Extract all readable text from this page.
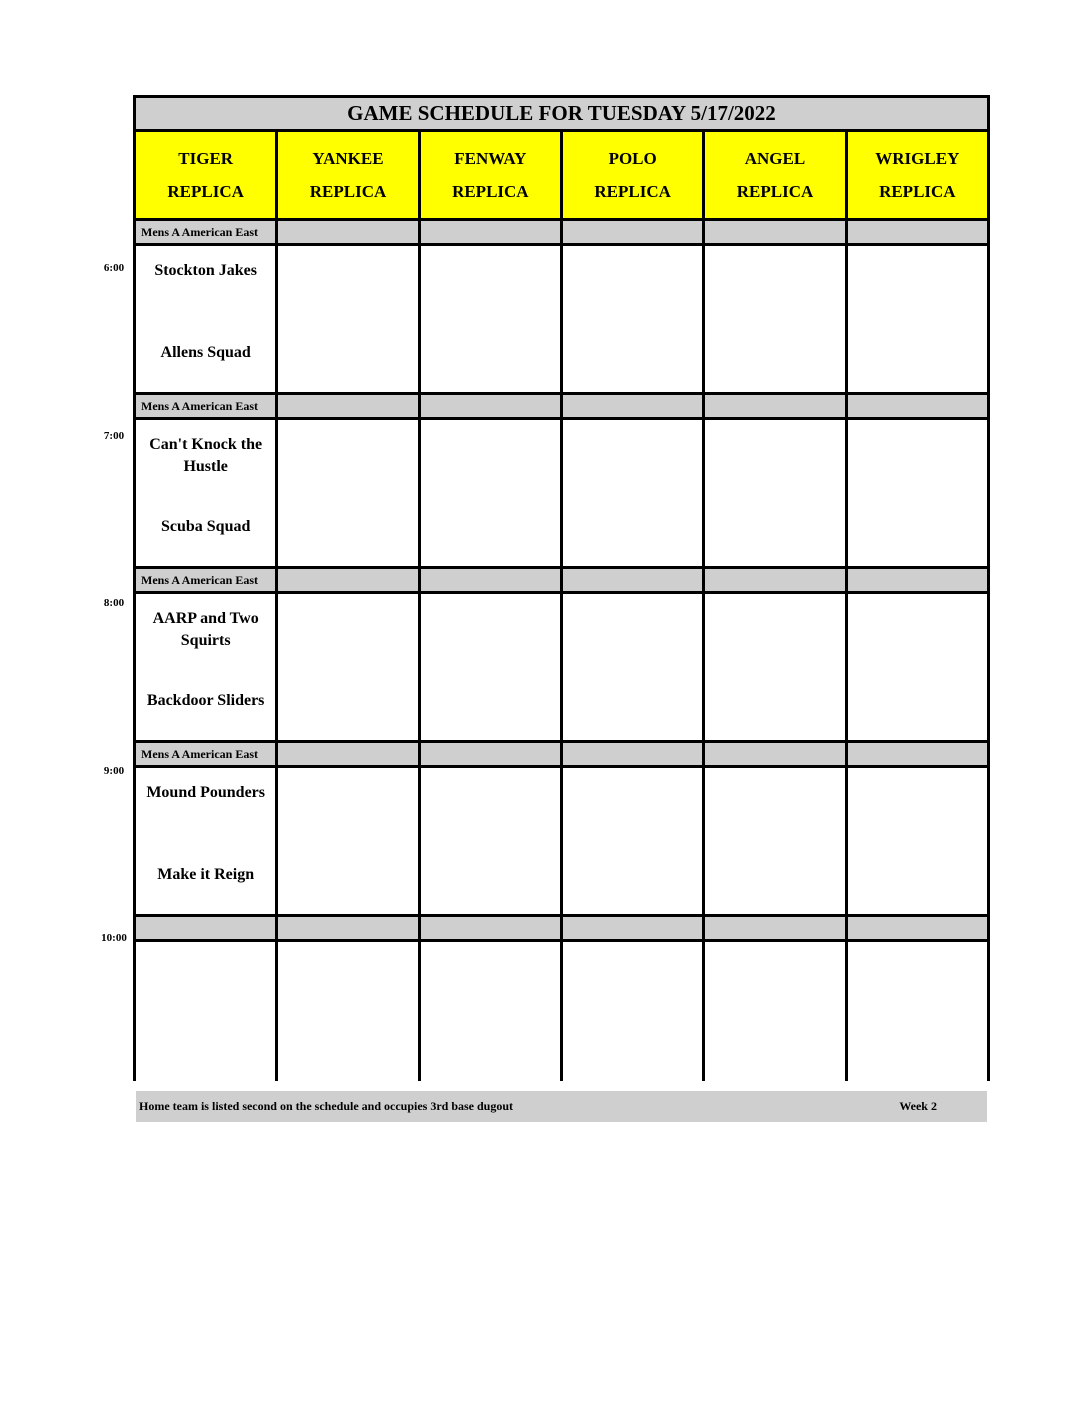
GAME SCHEDULE FOR TUESDAY 5/17/2022
TIGER
REPLICA
YANKEE
REPLICA
FENWAY
REPLICA
POLO
REPLICA
ANGEL
REPLICA
WRIGLEY
REPLICA
Mens A American East
Stockton Jakes
Allens Squad
Mens A American East
Can't Knock the Hustle
Scuba Squad
Mens A American East
AARP and Two Squirts
Backdoor Sliders
Mens A American East
Mound Pounders
Make it Reign
Home team is listed second on the schedule and occupies 3rd base dugout	Week 2
6:00
7:00
8:00
9:00
10:00
